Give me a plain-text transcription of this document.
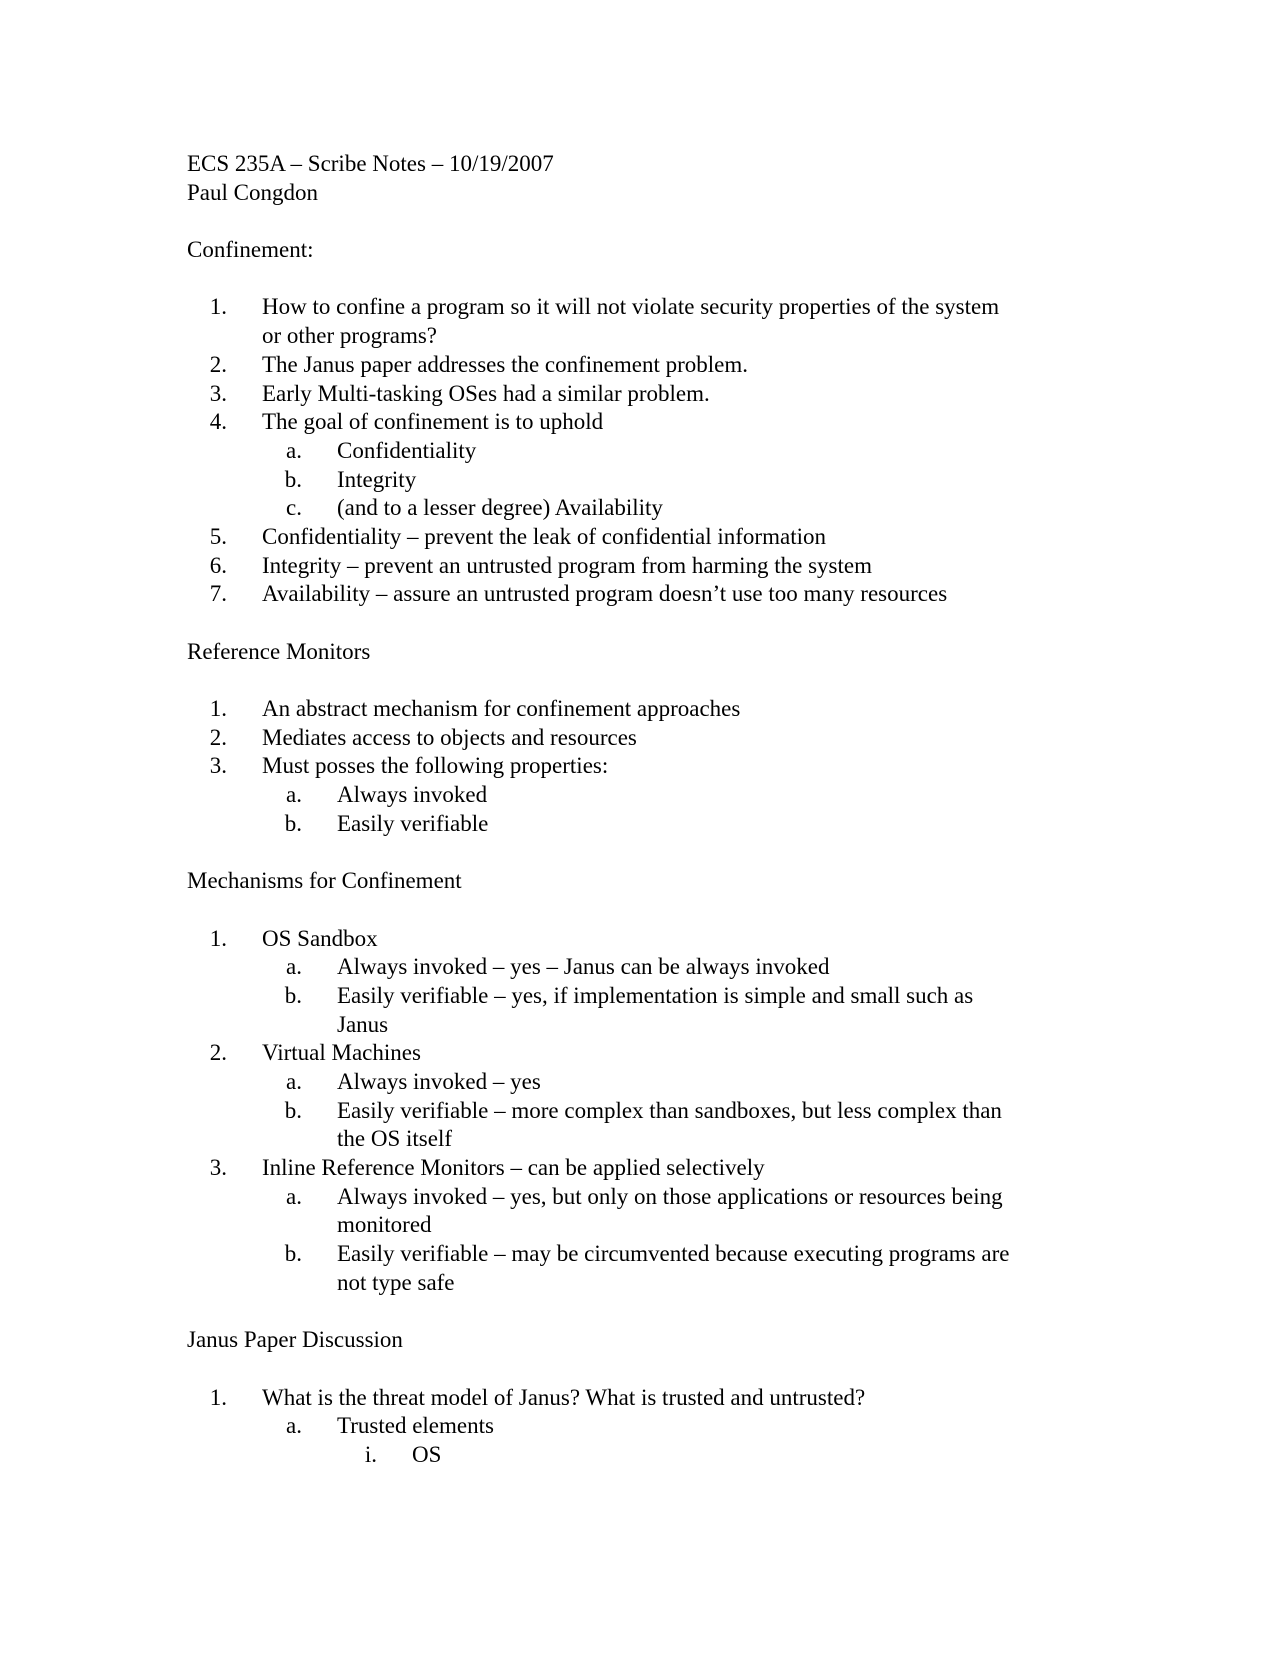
ECS 235A – Scribe Notes – 10/19/2007
Paul Congdon
Confinement:
1. How to confine a program so it will not violate security properties of the system
or other programs?
2. The Janus paper addresses the confinement problem.
3. Early Multi-tasking OSes had a similar problem.
4. The goal of confinement is to uphold
a. Confidentiality
b. Integrity
c. (and to a lesser degree) Availability
5. Confidentiality – prevent the leak of confidential information
6. Integrity – prevent an untrusted program from harming the system
7. Availability – assure an untrusted program doesn’t use too many resources
Reference Monitors
1. An abstract mechanism for confinement approaches
2. Mediates access to objects and resources
3. Must posses the following properties:
a. Always invoked
b. Easily verifiable
Mechanisms for Confinement
1. OS Sandbox
a. Always invoked – yes – Janus can be always invoked
b. Easily verifiable – yes, if implementation is simple and small such as
Janus
2. Virtual Machines
a. Always invoked – yes
b. Easily verifiable – more complex than sandboxes, but less complex than
the OS itself
3. Inline Reference Monitors – can be applied selectively
a. Always invoked – yes, but only on those applications or resources being
monitored
b. Easily verifiable – may be circumvented because executing programs are
not type safe
Janus Paper Discussion
1. What is the threat model of Janus? What is trusted and untrusted?
a. Trusted elements
i. OS
